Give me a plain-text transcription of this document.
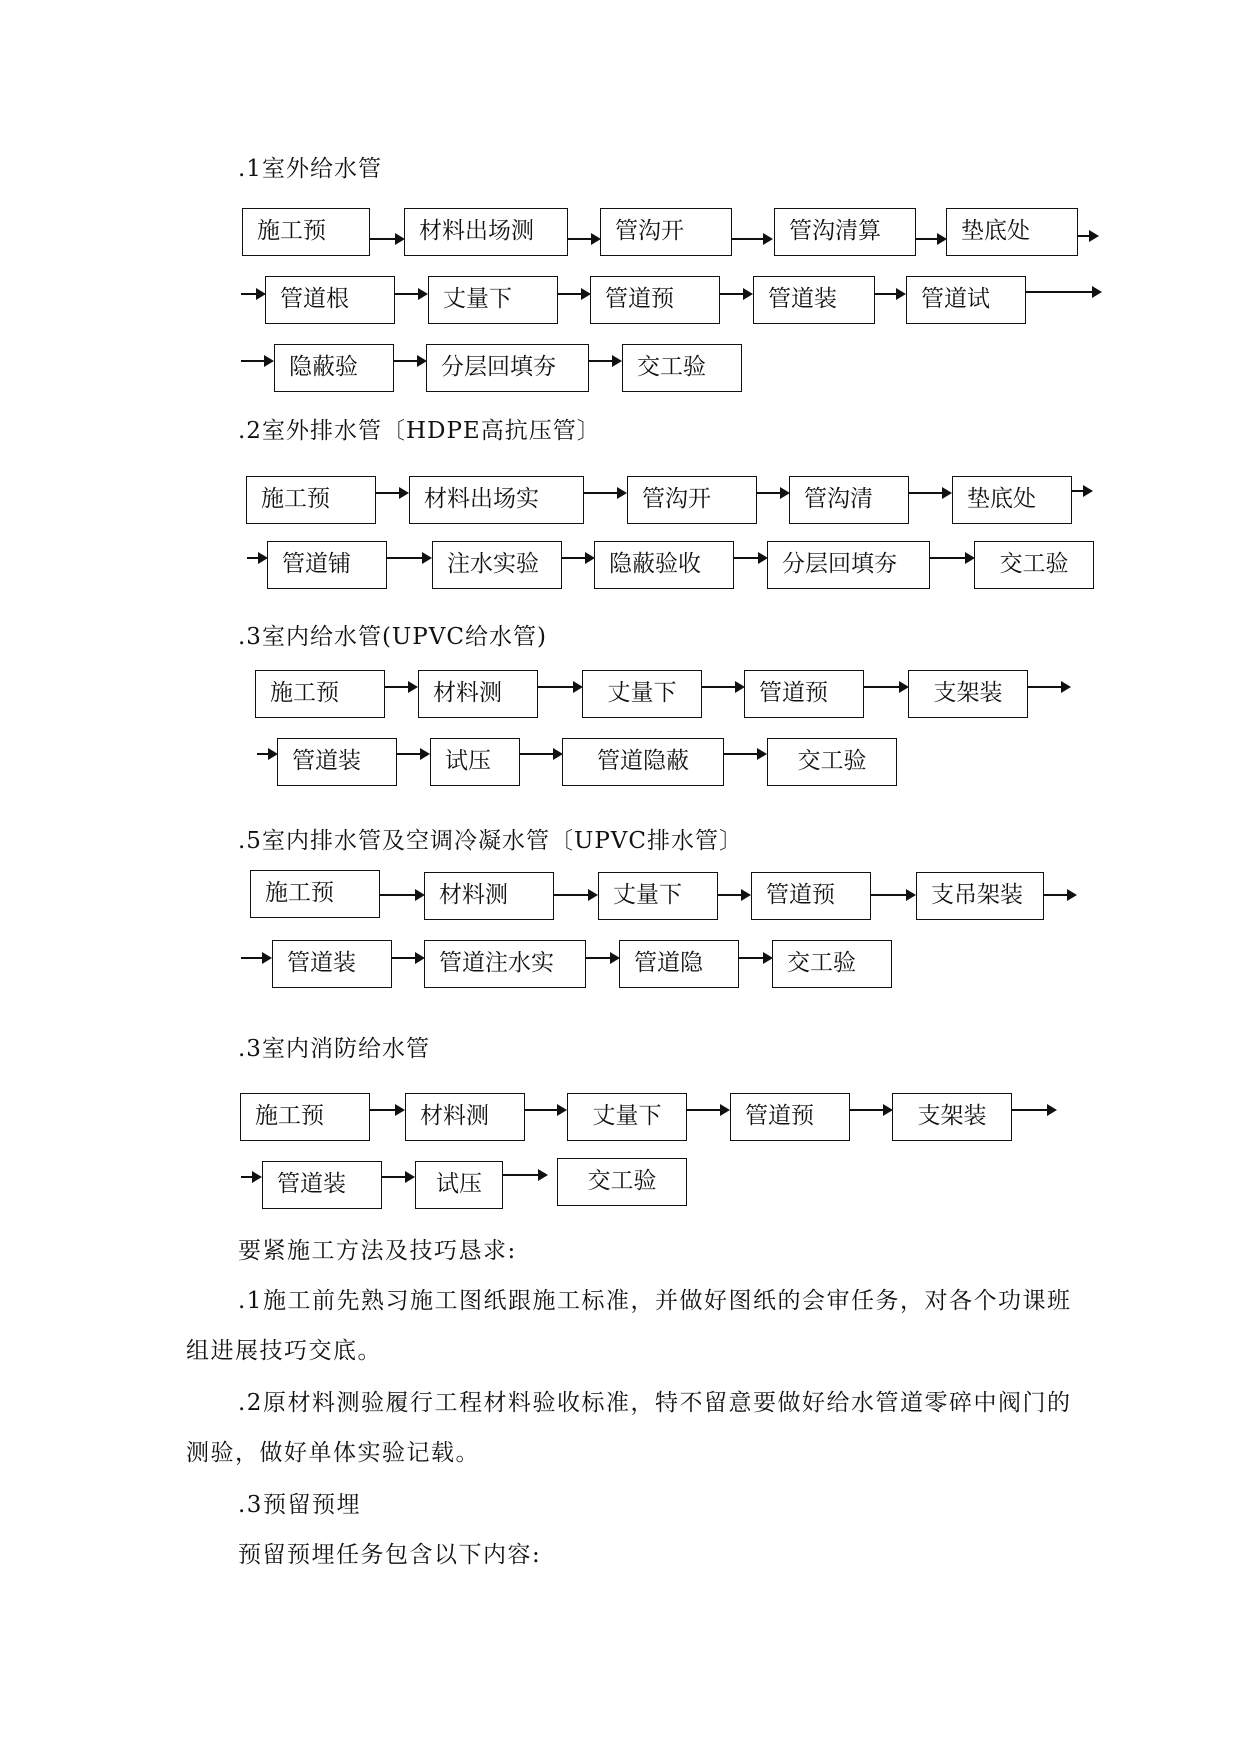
.1室外给水管
施工预	材料出场测	管沟开	管沟清算	垫底处
管道根	丈量下	管道预	管道装	管道试
隐蔽验	分层回填夯	交工验
.2室外排水管〔HDPE高抗压管〕
施工预	材料出场实	管沟开	管沟清	垫底处
管道铺	注水实验	隐蔽验收	分层回填夯	交工验
.3室内给水管(UPVC给水管)
施工预	材料测	丈量下	管道预	支架装
管道装	试压	管道隐蔽	交工验
.5室内排水管及空调冷凝水管〔UPVC排水管〕
施工预	材料测	丈量下	管道预	支吊架装
管道装	管道注水实	管道隐	交工验
.3室内消防给水管
施工预	材料测	丈量下	管道预	支架装
管道装	试压	交工验
要紧施工方法及技巧恳求:
.1施工前先熟习施工图纸跟施工标准，并做好图纸的会审任务，对各个功课班
组进展技巧交底。
.2原材料测验履行工程材料验收标准，特不留意要做好给水管道零碎中阀门的
测验，做好单体实验记载。
.3预留预埋
预留预埋任务包含以下内容:
